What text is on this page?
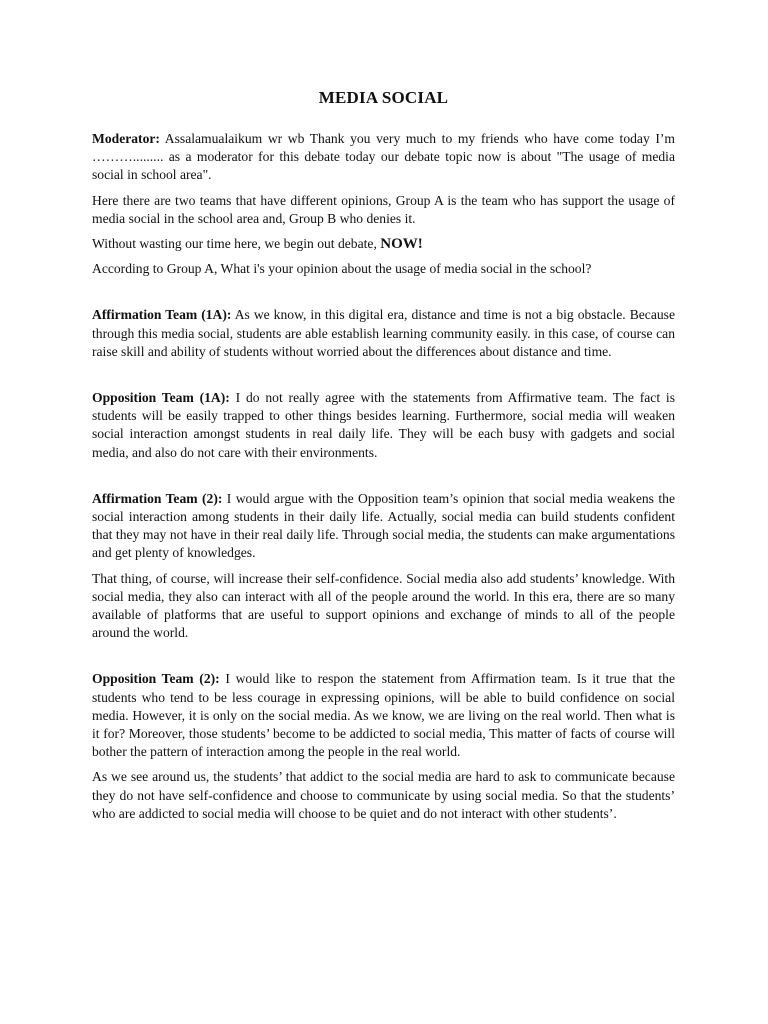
MEDIA SOCIAL

Moderator: Assalamualaikum wr wb Thank you very much to my friends who have come today I’m ………......... as a moderator for this debate today our debate topic now is about "The usage of media social in school area".

Here there are two teams that have different opinions, Group A is the team who has support the usage of media social in the school area and, Group B who denies it.

Without wasting our time here, we begin out debate, NOW!

According to Group A, What i's your opinion about the usage of media social in the school?

Affirmation Team (1A): As we know, in this digital era, distance and time is not a big obstacle. Because through this media social, students are able establish learning community easily. in this case, of course can raise skill and ability of students without worried about the differences about distance and time.

Opposition Team (1A): I do not really agree with the statements from Affirmative team. The fact is students will be easily trapped to other things besides learning. Furthermore, social media will weaken social interaction amongst students in real daily life. They will be each busy with gadgets and social media, and also do not care with their environments.

Affirmation Team (2): I would argue with the Opposition team’s opinion that social media weakens the social interaction among students in their daily life. Actually, social media can build students confident that they may not have in their real daily life. Through social media, the students can make argumentations and get plenty of knowledges.

That thing, of course, will increase their self-confidence. Social media also add students’ knowledge. With social media, they also can interact with all of the people around the world. In this era, there are so many available of platforms that are useful to support opinions and exchange of minds to all of the people around the world.

Opposition Team (2): I would like to respon the statement from Affirmation team. Is it true that the students who tend to be less courage in expressing opinions, will be able to build confidence on social media. However, it is only on the social media. As we know, we are living on the real world. Then what is it for? Moreover, those students’ become to be addicted to social media, This matter of facts of course will bother the pattern of interaction among the people in the real world.

As we see around us, the students’ that addict to the social media are hard to ask to communicate because they do not have self-confidence and choose to communicate by using social media. So that the students’ who are addicted to social media will choose to be quiet and do not interact with other students’.
